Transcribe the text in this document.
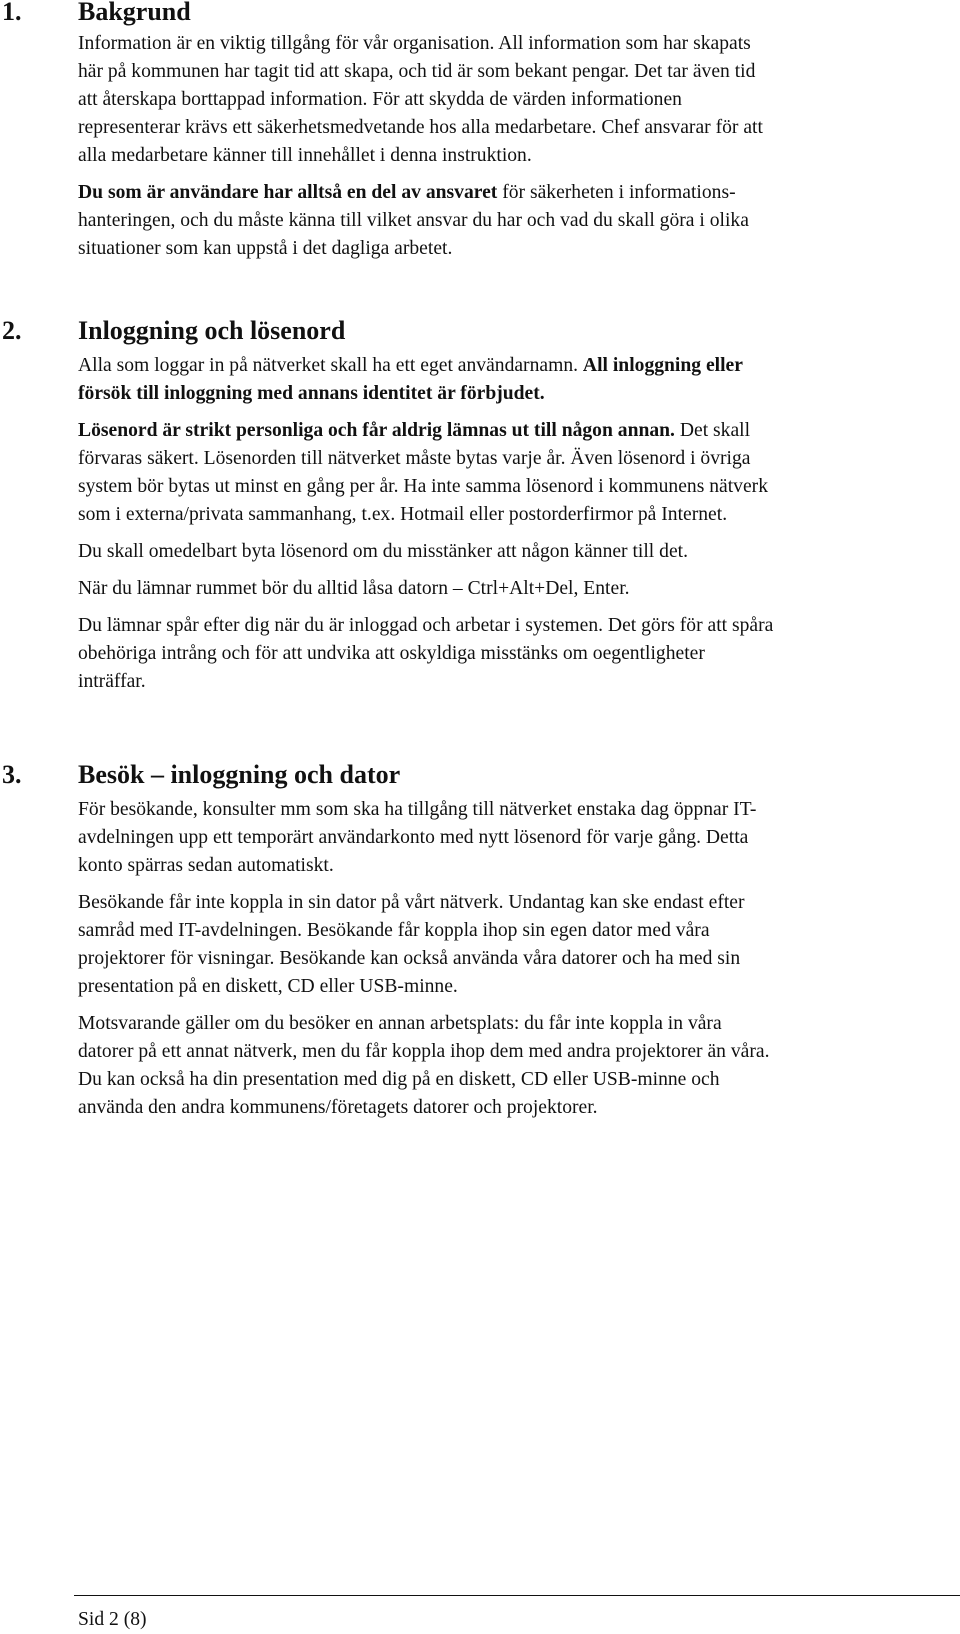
1. Bakgrund

Information är en viktig tillgång för vår organisation. All information som har skapats
här på kommunen har tagit tid att skapa, och tid är som bekant pengar. Det tar även tid
att återskapa borttappad information. För att skydda de värden informationen
representerar krävs ett säkerhetsmedvetande hos alla medarbetare. Chef ansvarar för att
alla medarbetare känner till innehållet i denna instruktion.

Du som är användare har alltså en del av ansvaret för säkerheten i informations-
hanteringen, och du måste känna till vilket ansvar du har och vad du skall göra i olika
situationer som kan uppstå i det dagliga arbetet.

2. Inloggning och lösenord

Alla som loggar in på nätverket skall ha ett eget användarnamn. All inloggning eller
försök till inloggning med annans identitet är förbjudet.

Lösenord är strikt personliga och får aldrig lämnas ut till någon annan. Det skall
förvaras säkert. Lösenorden till nätverket måste bytas varje år. Även lösenord i övriga
system bör bytas ut minst en gång per år. Ha inte samma lösenord i kommunens nätverk
som i externa/privata sammanhang, t.ex. Hotmail eller postorderfirmor på Internet.

Du skall omedelbart byta lösenord om du misstänker att någon känner till det.

När du lämnar rummet bör du alltid låsa datorn – Ctrl+Alt+Del, Enter.

Du lämnar spår efter dig när du är inloggad och arbetar i systemen. Det görs för att spåra
obehöriga intrång och för att undvika att oskyldiga misstänks om oegentligheter
inträffar.

3. Besök – inloggning och dator

För besökande, konsulter mm som ska ha tillgång till nätverket enstaka dag öppnar IT-
avdelningen upp ett temporärt användarkonto med nytt lösenord för varje gång. Detta
konto spärras sedan automatiskt.

Besökande får inte koppla in sin dator på vårt nätverk. Undantag kan ske endast efter
samråd med IT-avdelningen. Besökande får koppla ihop sin egen dator med våra
projektorer för visningar. Besökande kan också använda våra datorer och ha med sin
presentation på en diskett, CD eller USB-minne.

Motsvarande gäller om du besöker en annan arbetsplats: du får inte koppla in våra
datorer på ett annat nätverk, men du får koppla ihop dem med andra projektorer än våra.
Du kan också ha din presentation med dig på en diskett, CD eller USB-minne och
använda den andra kommunens/företagets datorer och projektorer.

Sid 2 (8)
